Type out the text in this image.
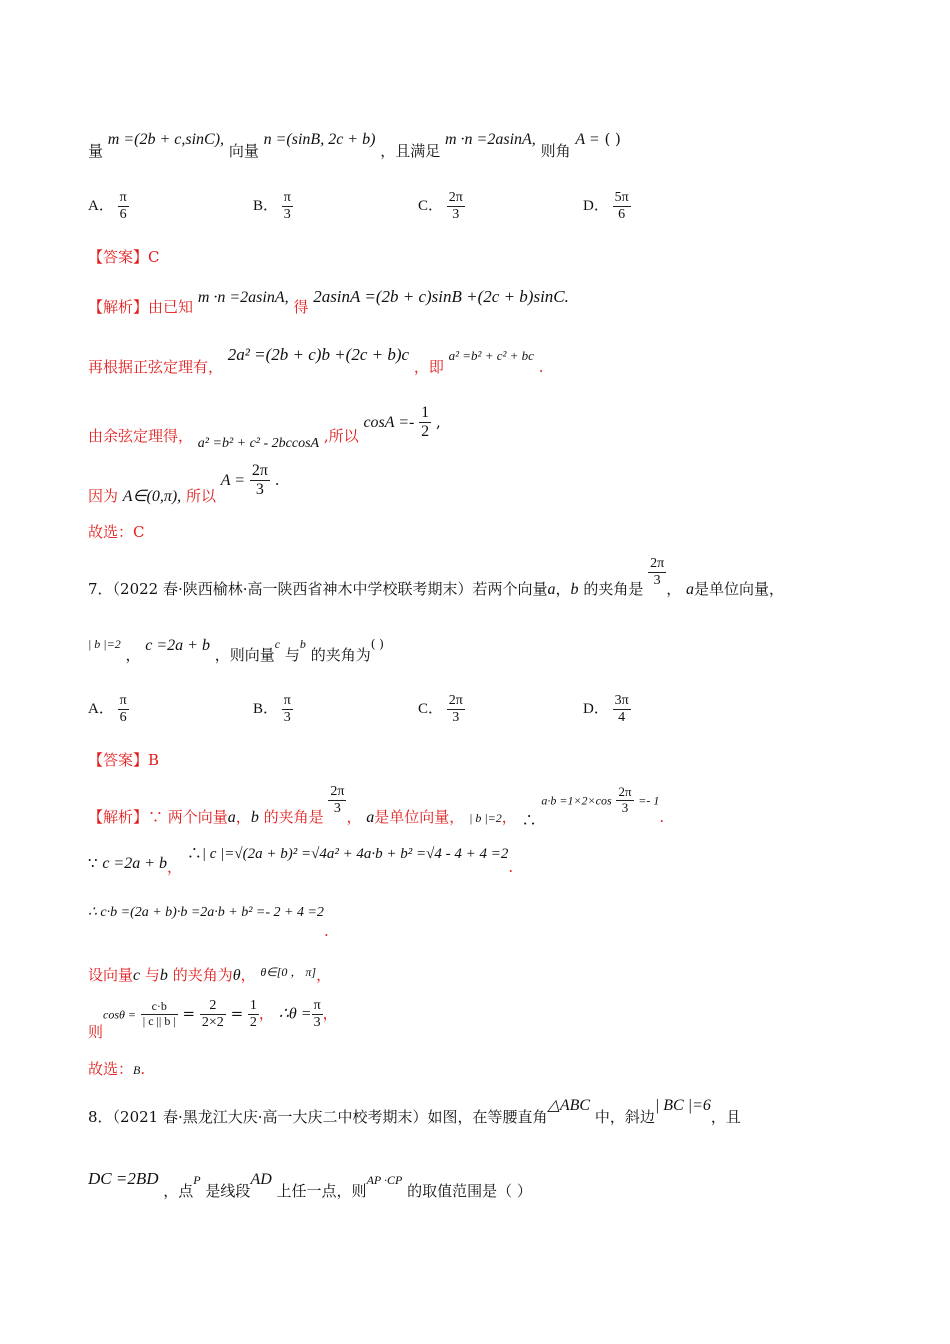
量 m =(2b + c,sinC), 向量 n =(sinB, 2c + b) ，且满足 m ·n =2asinA, 则角 A = ( )
A． $\frac{\pi}{6}$	B． $\frac{\pi}{3}$	C． $\frac{2\pi}{3}$	D． $\frac{5\pi}{6}$
【答案】C
【解析】由已知 m ·n =2asinA, 得 2asinA =(2b + c)sinB +(2c + b)sinC.
再根据正弦定理有， 2a² =(2b + c)b +(2c + b)c ，即 a² =b² + c² + bc .
由余弦定理得， a² =b² + c² - 2bccosA ,所以 $\cos A =- \frac{1}{2}$ ,
因为 A∈(0,π), 所以 $A = \frac{2\pi}{3}$ .
故选：C
7．（2022 春·陕西榆林·高一陕西省神木中学校联考期末）若两个向量a，b 的夹角是 $\frac{2\pi}{3}$ ， a是单位向量，
| b |=2 ， c =2a + b ，则向量c 与b 的夹角为( )
A． $\frac{\pi}{6}$	B． $\frac{\pi}{3}$	C． $\frac{2\pi}{3}$	D． $\frac{3\pi}{4}$
【答案】B
【解析】∵ 两个向量a，b 的夹角是 $\frac{2\pi}{3}$ ， a是单位向量， $_{| b |=2}$， ∴ $a\cdot b =1\times 2\times\cos \frac{2\pi}{3} =- 1$.
∵ c =2a + b， ∴| c |=√(2a + b)² =√4a² + 4a·b + b² =√4 - 4 + 4 =2.
∴ c·b =(2a + b)·b =2a·b + b² =- 2 + 4 =2.
设向量c 与b 的夹角为θ， θ∈[0 ， π]，
则$\cos\theta = \frac{c\cdot b}{| c || b |} = \frac{2}{2\times 2} = \frac{1}{2}$ ， ∴θ = $\frac{\pi}{3}$ ，
故选：B.
8．（2021 春·黑龙江大庆·高一大庆二中校考期末）如图，在等腰直角△ABC 中，斜边| BC |=6，且
DC =2BD ，点P 是线段AD 上任一点，则AP ·CP 的取值范围是（ ）
